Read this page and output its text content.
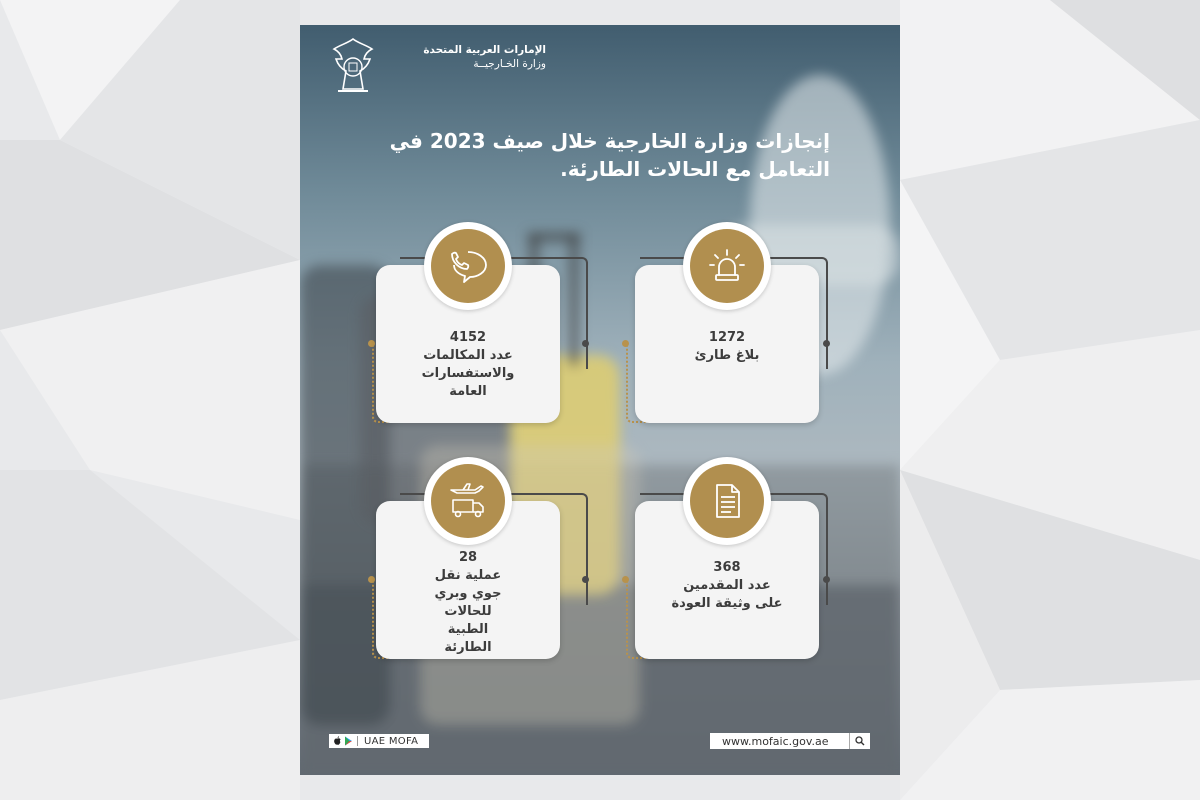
الإمارات العربية المتحدة
وزارة الخـارجيــة
إنجازات وزارة الخارجية خلال صيف 2023 في التعامل مع الحالات الطارئة.
1272
بلاغ طارئ
4152
عدد المكالمات والاستفسارات العامة
368
عدد المقدمين على وثيقة العودة
28
عملية نقل جوي وبري للحالات الطبية الطارئة
UAE MOFA	www.mofaic.gov.ae
